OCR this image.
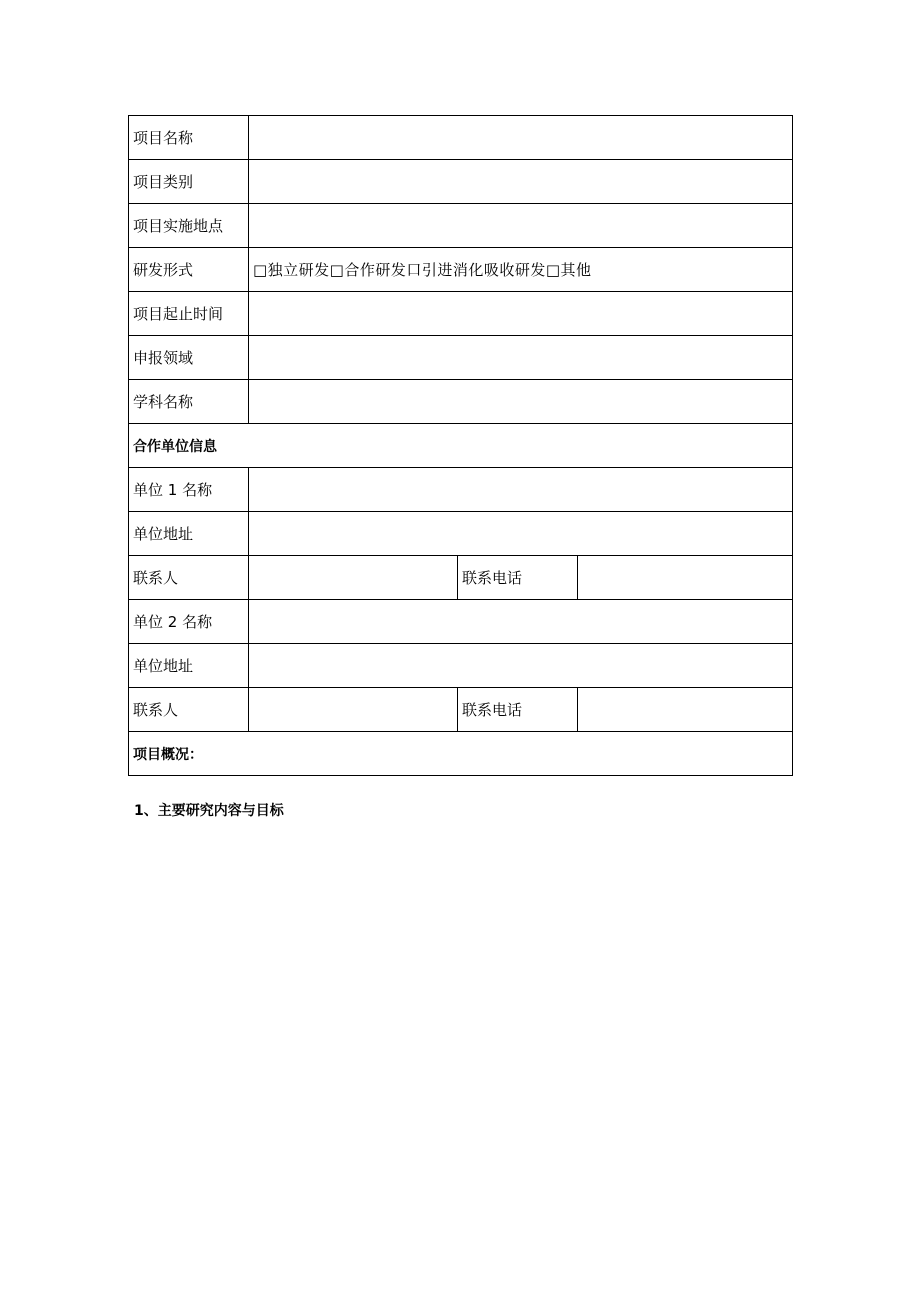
项目名称			
项目类别			
项目实施地点			
研发形式	□独立研发□合作研发口引进消化吸收研发□其他		
项目起止时间			
申报领域			
学科名称			
合作单位信息			
单位 1 名称			
单位地址			
联系人		联系电话	
单位 2 名称			
单位地址			
联系人		联系电话	
项目概况：			
1、主要研究内容与目标
